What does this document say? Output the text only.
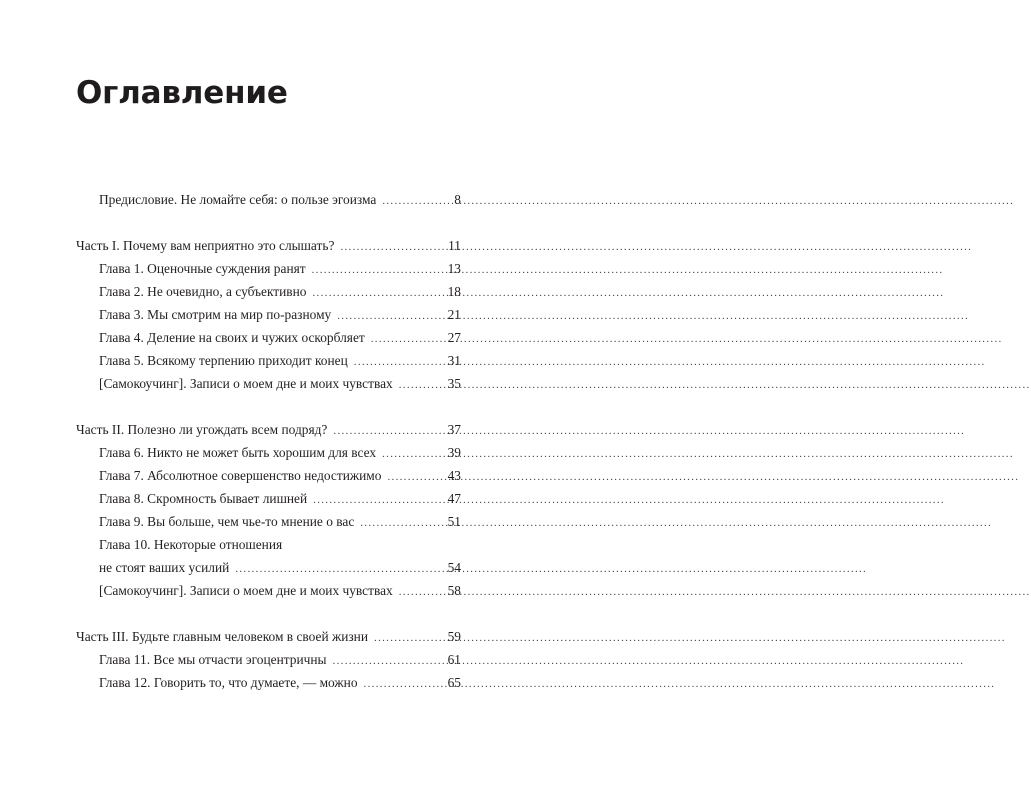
Оглавление
Предисловие. Не ломайте себя: о пользе эгоизма .....	8
Часть I. Почему вам неприятно это слышать? .....	11
Глава 1. Оценочные суждения ранят .....	13
Глава 2. Не очевидно, а субъективно .....	18
Глава 3. Мы смотрим на мир по-разному .....	21
Глава 4. Деление на своих и чужих оскорбляет .....	27
Глава 5. Всякому терпению приходит конец .....	31
[Самокоучинг]. Записи о моем дне и моих чувствах .....	35
Часть II. Полезно ли угождать всем подряд? .....	37
Глава 6. Никто не может быть хорошим для всех .....	39
Глава 7. Абсолютное совершенство недостижимо .....	43
Глава 8. Скромность бывает лишней .....	47
Глава 9. Вы больше, чем чье-то мнение о вас .....	51
Глава 10. Некоторые отношения
не стоят ваших усилий .....	54
[Самокоучинг]. Записи о моем дне и моих чувствах .....	58
Часть III. Будьте главным человеком в своей жизни .....	59
Глава 11. Все мы отчасти эгоцентричны .....	61
Глава 12. Говорить то, что думаете, — можно .....	65
